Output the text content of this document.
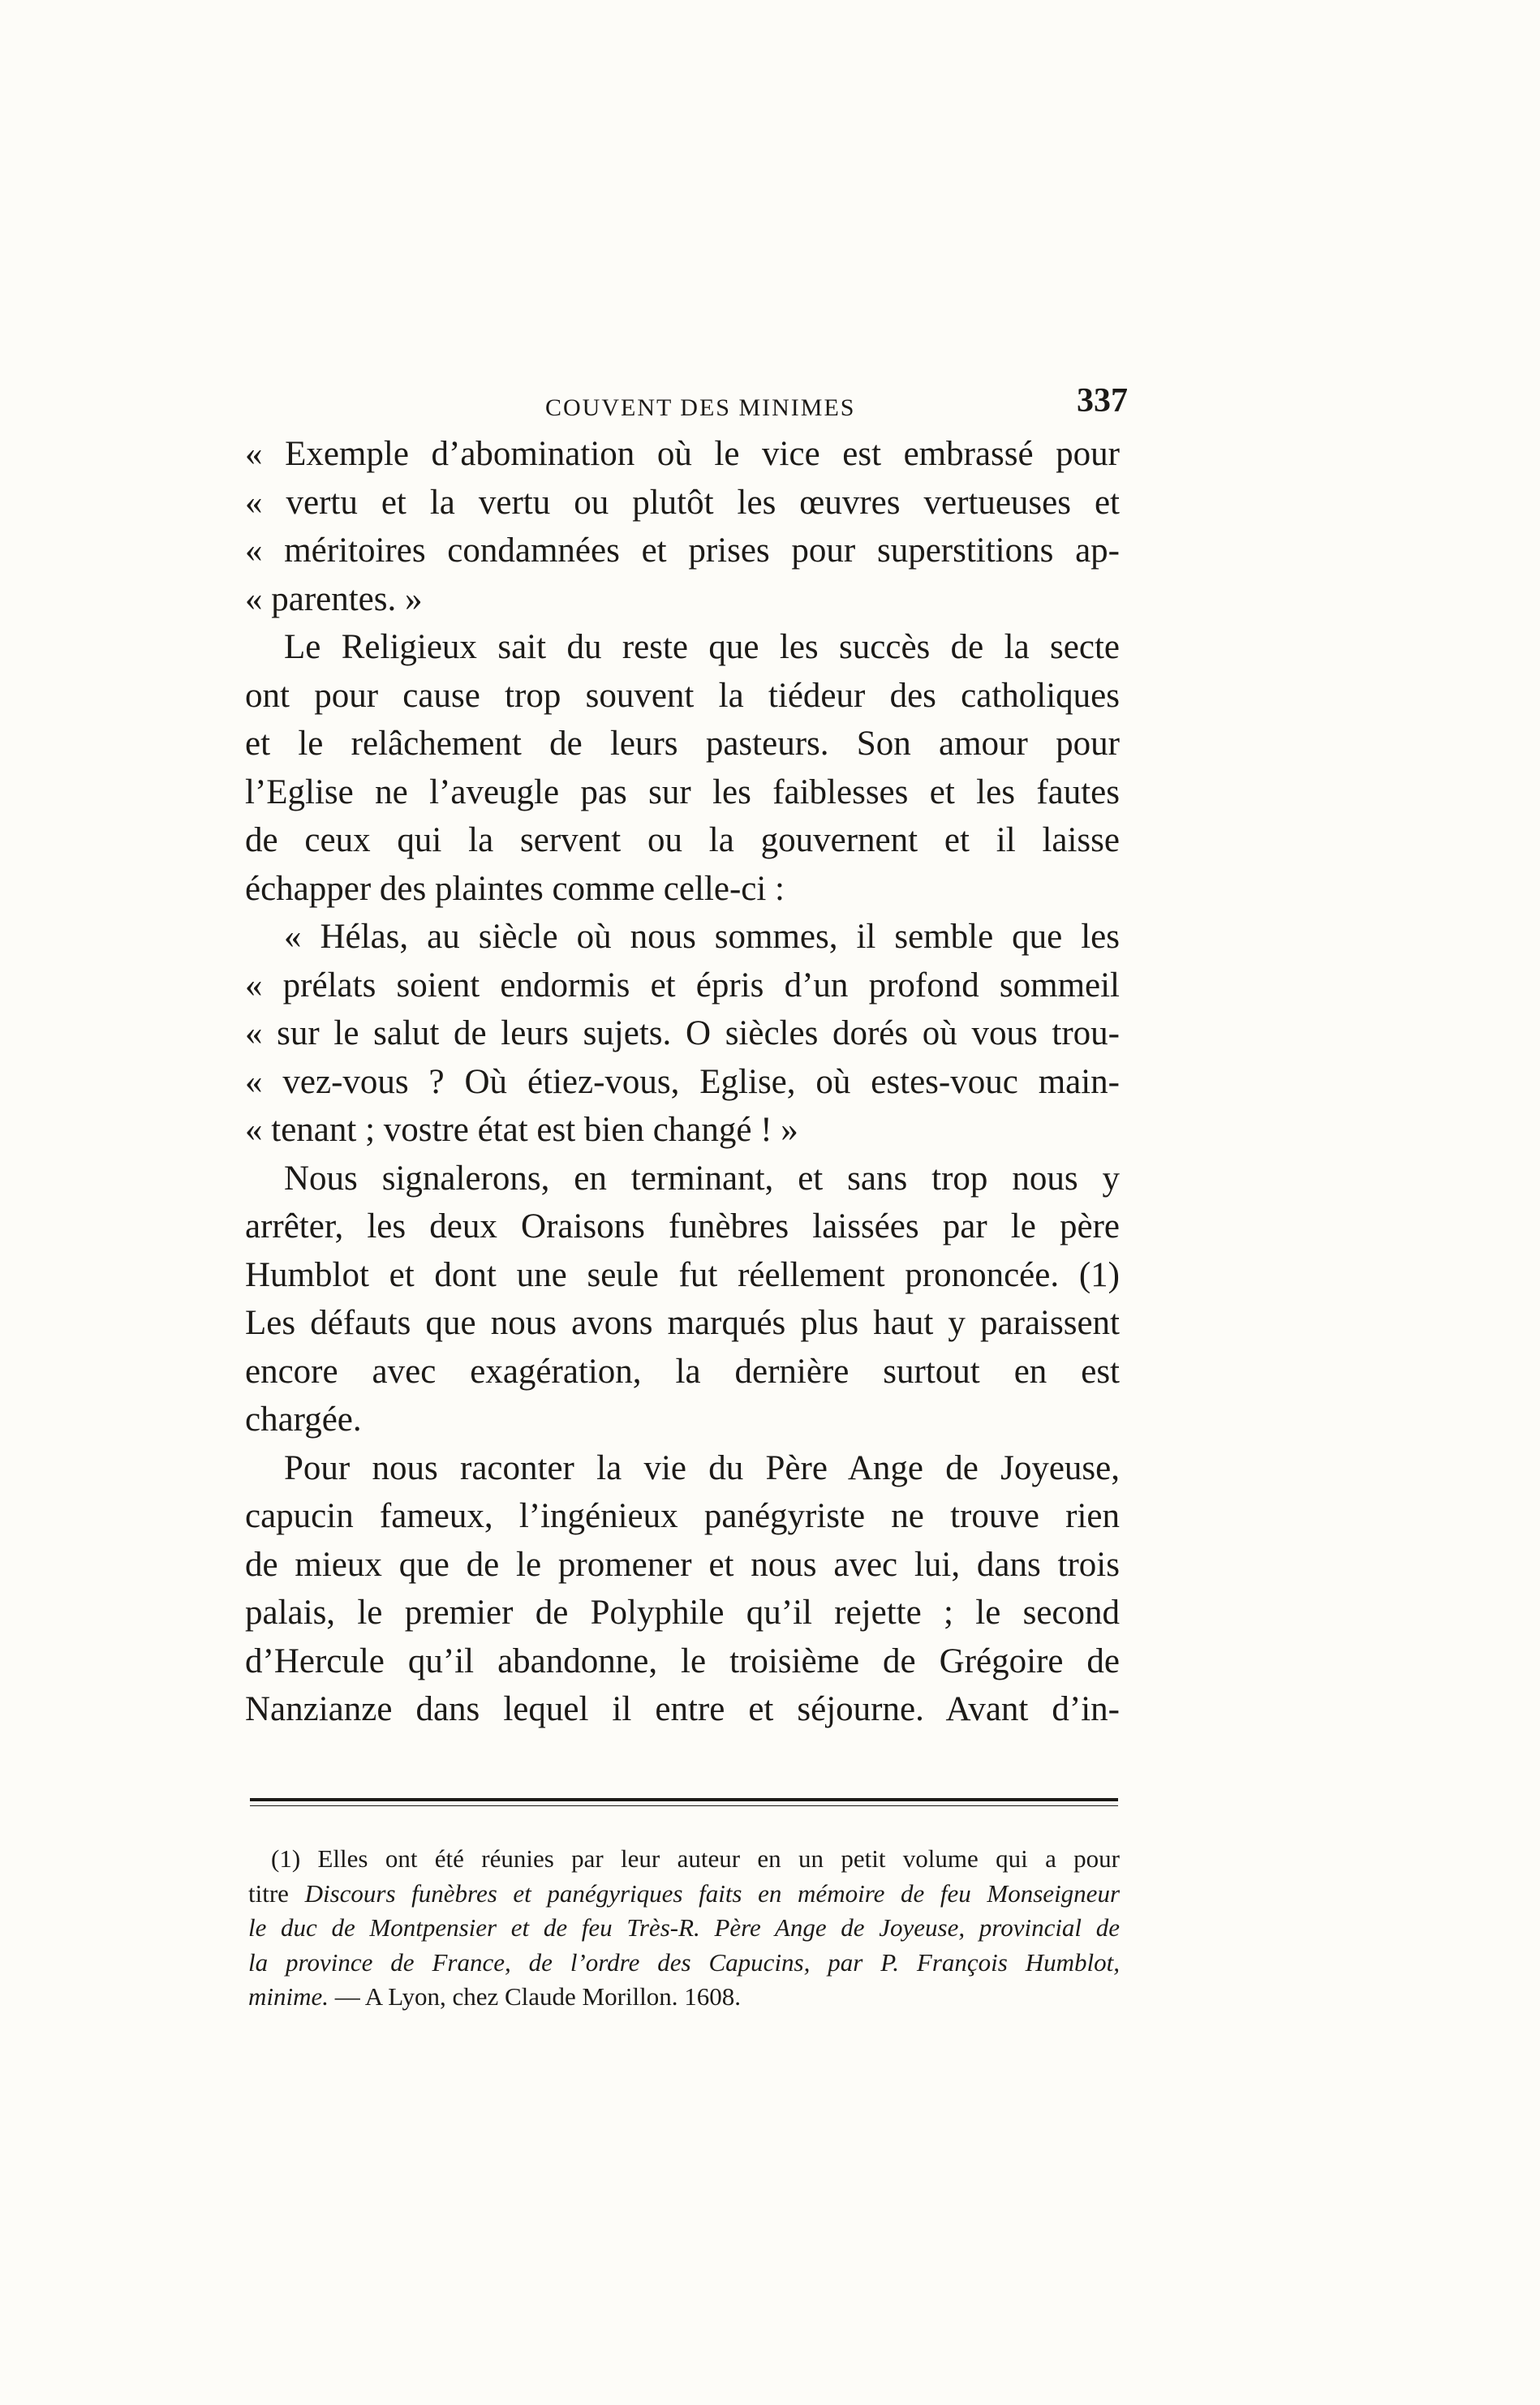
COUVENT DES MINIMES	337
« Exemple d’abomination où le vice est embrassé pour
« vertu et la vertu ou plutôt les œuvres vertueuses et
« méritoires condamnées et prises pour superstitions ap-
« parentes. »
Le Religieux sait du reste que les succès de la secte
ont pour cause trop souvent la tiédeur des catholiques
et le relâchement de leurs pasteurs. Son amour pour
l’Eglise ne l’aveugle pas sur les faiblesses et les fautes
de ceux qui la servent ou la gouvernent et il laisse
échapper des plaintes comme celle-ci :
« Hélas, au siècle où nous sommes, il semble que les
« prélats soient endormis et épris d’un profond sommeil
« sur le salut de leurs sujets. O siècles dorés où vous trou-
« vez-vous ? Où étiez-vous, Eglise, où estes-vouc main-
« tenant ; vostre état est bien changé ! »
Nous signalerons, en terminant, et sans trop nous y
arrêter, les deux Oraisons funèbres laissées par le père
Humblot et dont une seule fut réellement prononcée. (1)
Les défauts que nous avons marqués plus haut y paraissent
encore avec exagération, la dernière surtout en est
chargée.
Pour nous raconter la vie du Père Ange de Joyeuse,
capucin fameux, l’ingénieux panégyriste ne trouve rien
de mieux que de le promener et nous avec lui, dans trois
palais, le premier de Polyphile qu’il rejette ; le second
d’Hercule qu’il abandonne, le troisième de Grégoire de
Nanzianze dans lequel il entre et séjourne. Avant d’in-
(1) Elles ont été réunies par leur auteur en un petit volume qui a pour
titre Discours funèbres et panégyriques faits en mémoire de feu Monseigneur
le duc de Montpensier et de feu Très-R. Père Ange de Joyeuse, provincial de
la province de France, de l’ordre des Capucins, par P. François Humblot,
minime. — A Lyon, chez Claude Morillon. 1608.
